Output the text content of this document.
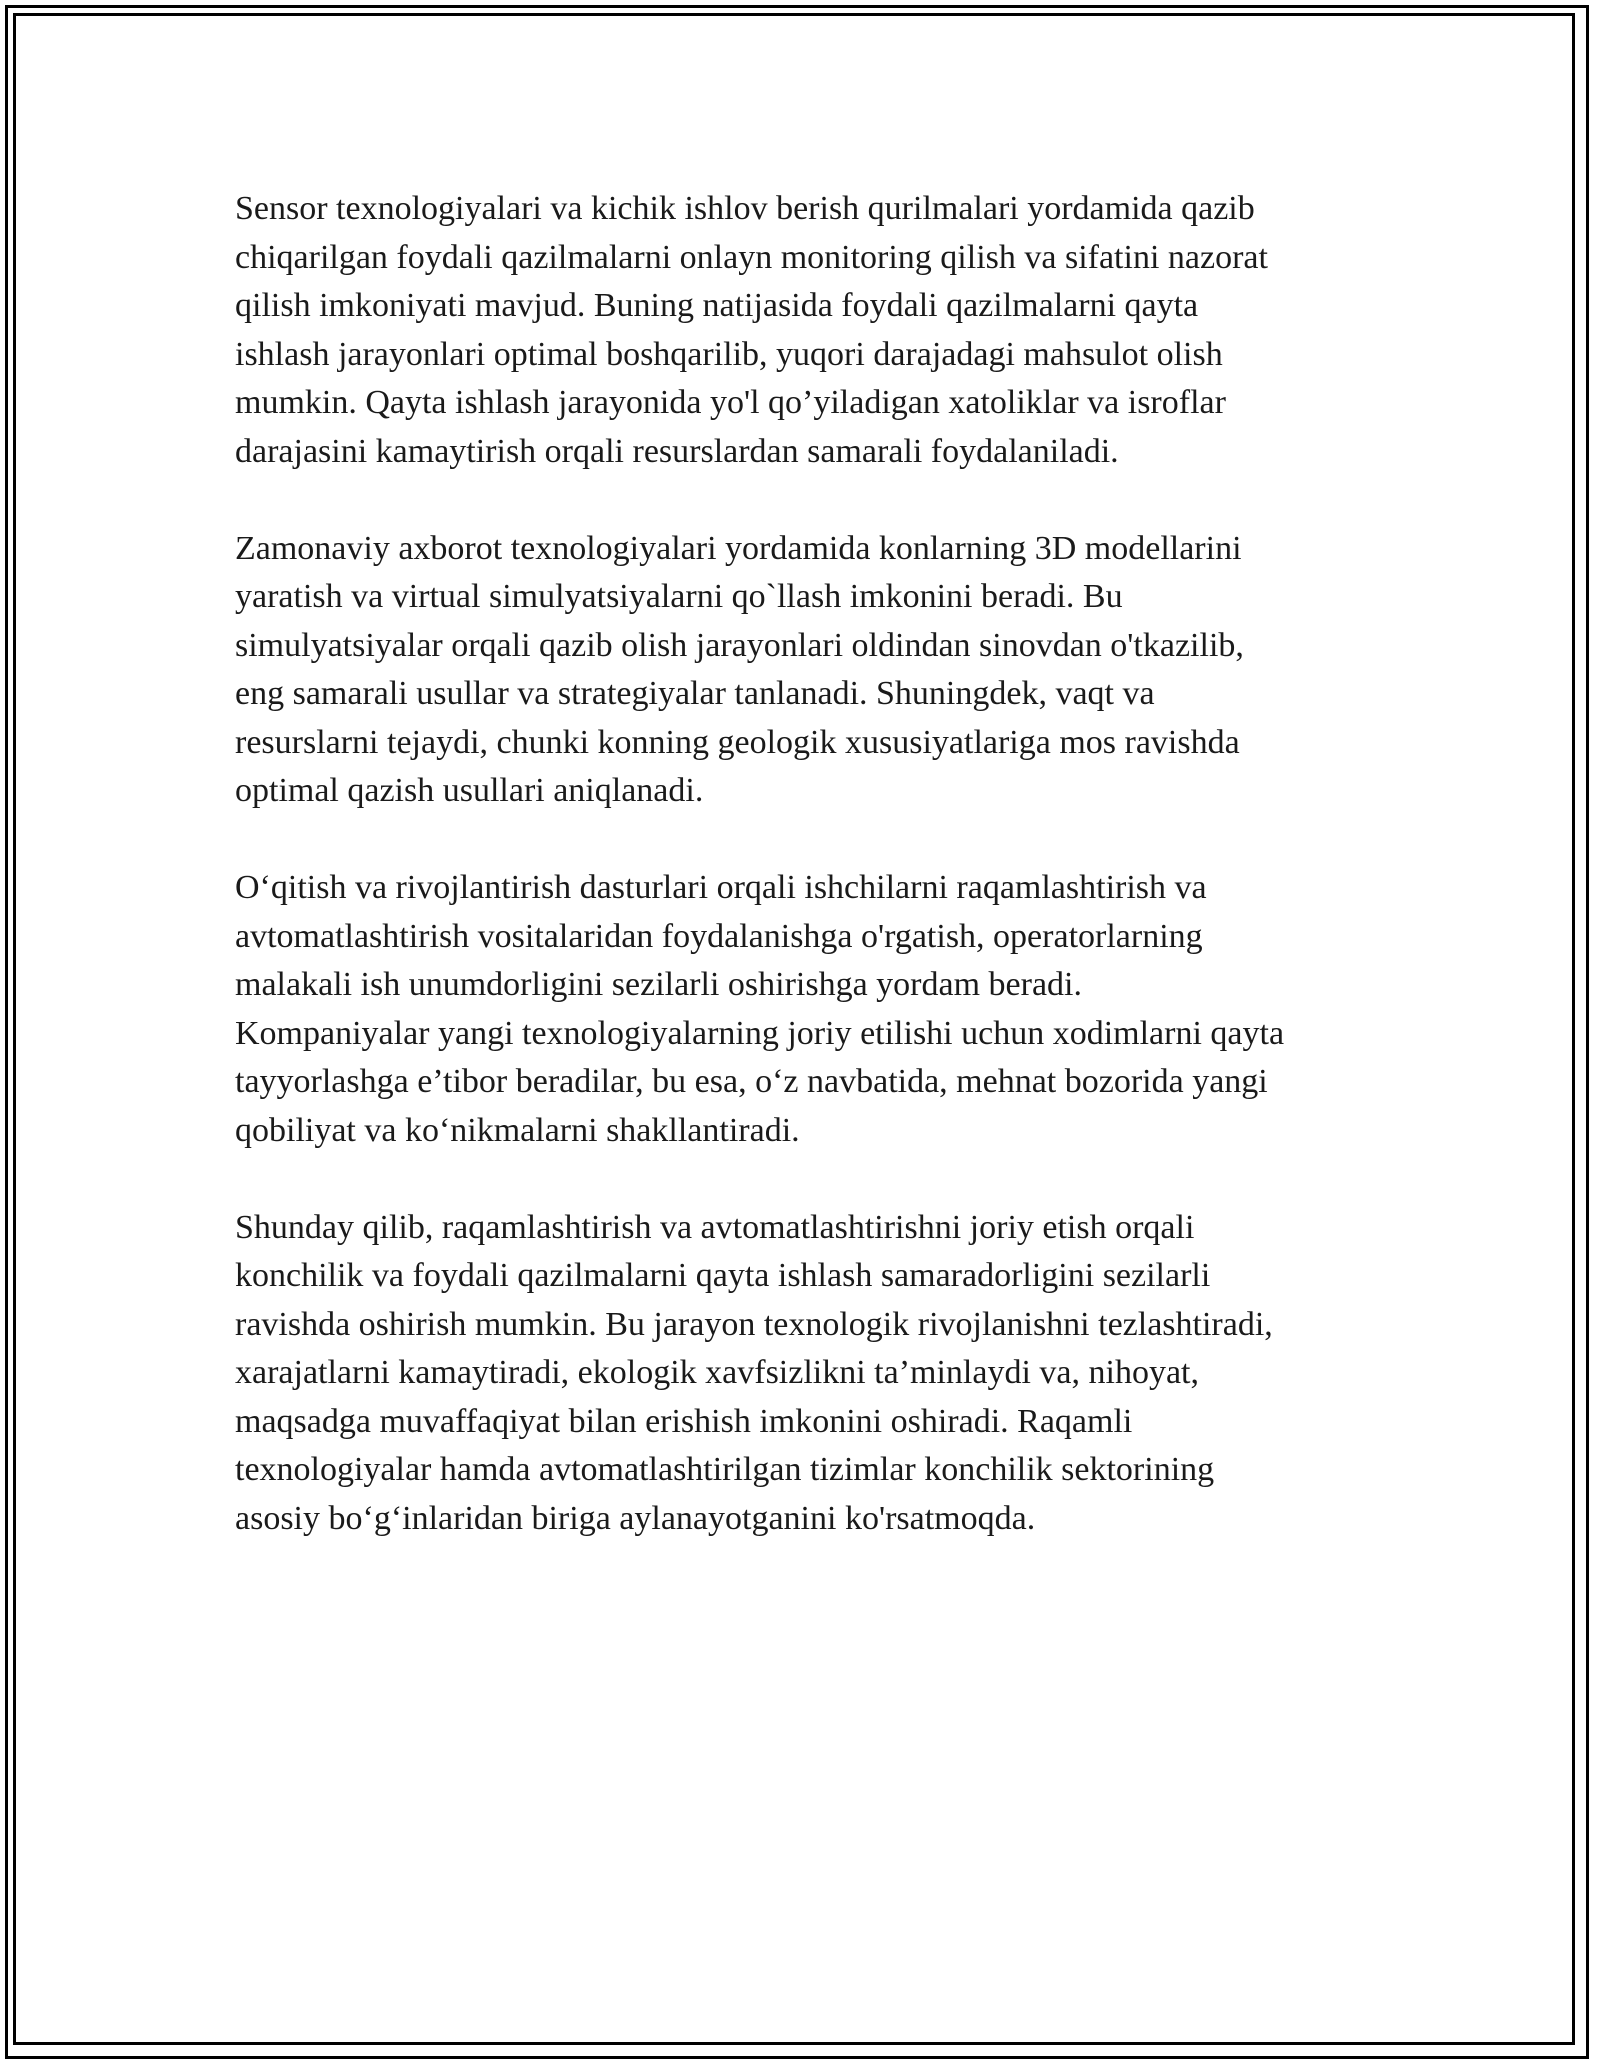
Sensor texnologiyalari va kichik ishlov berish qurilmalari yordamida qazib
chiqarilgan foydali qazilmalarni onlayn monitoring qilish va sifatini nazorat
qilish imkoniyati mavjud. Buning natijasida foydali qazilmalarni qayta
ishlash jarayonlari optimal boshqarilib, yuqori darajadagi mahsulot olish
mumkin. Qayta ishlash jarayonida yo'l qo’yiladigan xatoliklar va isroflar
darajasini kamaytirish orqali resurslardan samarali foydalaniladi.

Zamonaviy axborot texnologiyalari yordamida konlarning 3D modellarini
yaratish va virtual simulyatsiyalarni qo`llash imkonini beradi. Bu
simulyatsiyalar orqali qazib olish jarayonlari oldindan sinovdan o'tkazilib,
eng samarali usullar va strategiyalar tanlanadi. Shuningdek, vaqt va
resurslarni tejaydi, chunki konning geologik xususiyatlariga mos ravishda
optimal qazish usullari aniqlanadi.

O‘qitish va rivojlantirish dasturlari orqali ishchilarni raqamlashtirish va
avtomatlashtirish vositalaridan foydalanishga o'rgatish, operatorlarning
malakali ish unumdorligini sezilarli oshirishga yordam beradi.
Kompaniyalar yangi texnologiyalarning joriy etilishi uchun xodimlarni qayta
tayyorlashga e’tibor beradilar, bu esa, o‘z navbatida, mehnat bozorida yangi
qobiliyat va ko‘nikmalarni shakllantiradi.

Shunday qilib, raqamlashtirish va avtomatlashtirishni joriy etish orqali
konchilik va foydali qazilmalarni qayta ishlash samaradorligini sezilarli
ravishda oshirish mumkin. Bu jarayon texnologik rivojlanishni tezlashtiradi,
xarajatlarni kamaytiradi, ekologik xavfsizlikni ta’minlaydi va, nihoyat,
maqsadga muvaffaqiyat bilan erishish imkonini oshiradi. Raqamli
texnologiyalar hamda avtomatlashtirilgan tizimlar konchilik sektorining
asosiy bo‘g‘inlaridan biriga aylanayotganini ko'rsatmoqda.
